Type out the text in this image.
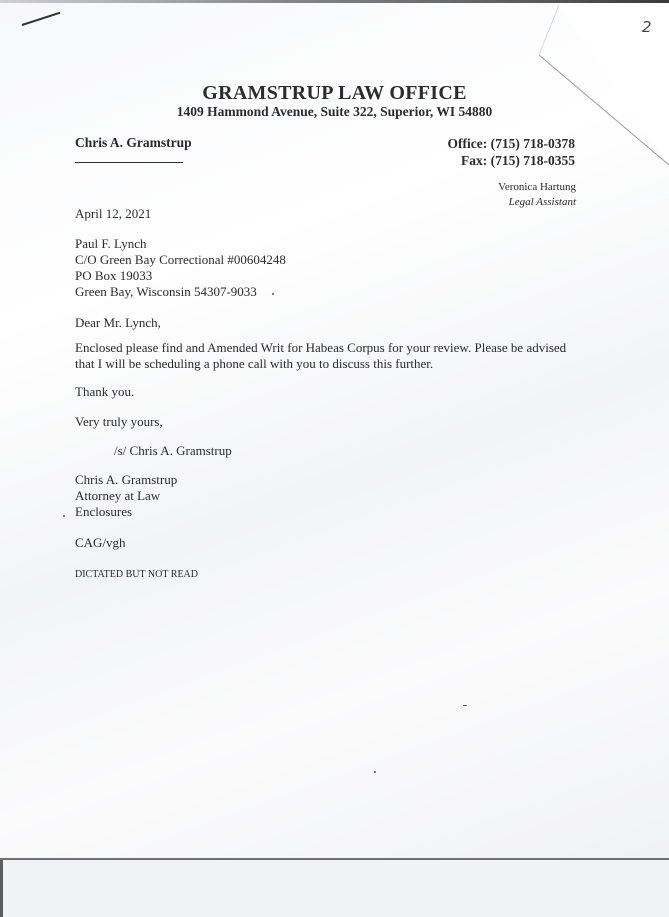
2
GRAMSTRUP LAW OFFICE
1409 Hammond Avenue, Suite 322, Superior, WI 54880
Chris A. Gramstrup	Office: (715) 718-0378
Fax: (715) 718-0355
Veronica Hartung
Legal Assistant
April 12, 2021
Paul F. Lynch
C/O Green Bay Correctional #00604248
PO Box 19033
Green Bay, Wisconsin 54307-9033
Dear Mr. Lynch,
Enclosed please find and Amended Writ for Habeas Corpus for your review. Please be advised that I will be scheduling a phone call with you to discuss this further.
Thank you.
Very truly yours,
/s/ Chris A. Gramstrup
Chris A. Gramstrup
Attorney at Law
Enclosures
CAG/vgh
DICTATED BUT NOT READ
